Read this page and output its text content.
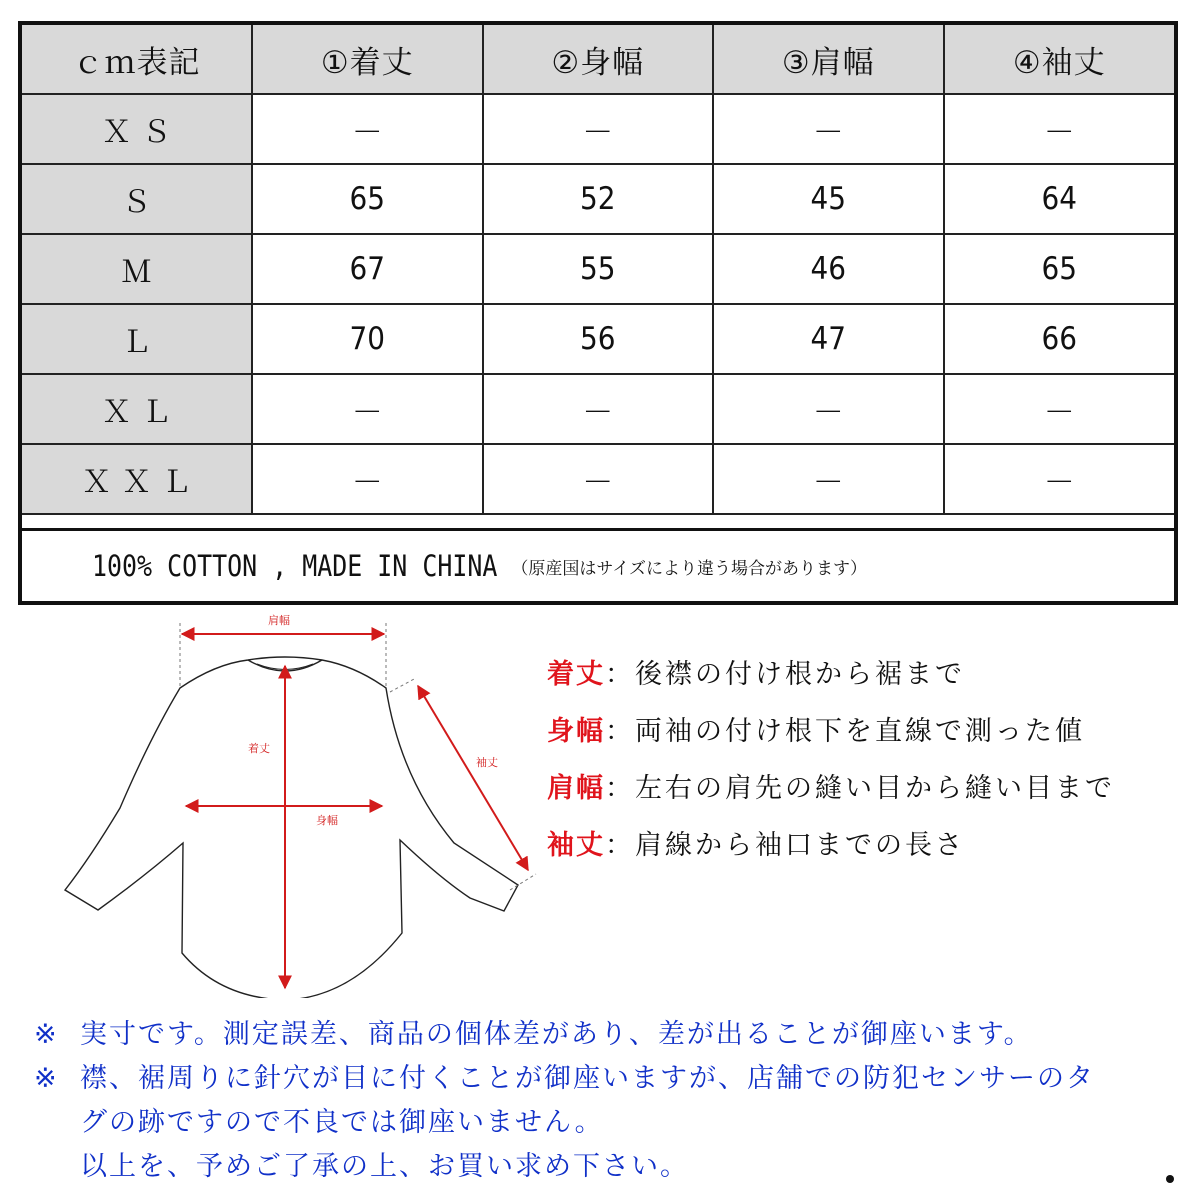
ｃｍ表記	①着丈	②身幅	③肩幅	④袖丈
ＸＳ	－	－	－	－
Ｓ	65	52	45	64
Ｍ	67	55	46	65
Ｌ	70	56	47	66
ＸＬ	－	－	－	－
ＸＸＬ	－	－	－	－
100% COTTON , MADE IN CHINA （原産国はサイズにより違う場合があります）
肩幅
着丈
身幅
袖丈
着丈 ：後襟の付け根から裾まで
身幅 ：両袖の付け根下を直線で測った値
肩幅 ：左右の肩先の縫い目から縫い目まで
袖丈 ：肩線から袖口までの長さ
※ 実寸です。測定誤差、商品の個体差があり、差が出ることが御座います。
※ 襟、裾周りに針穴が目に付くことが御座いますが、店舗での防犯センサーのタ
グの跡ですので不良では御座いません。
以上を、予めご了承の上、お買い求め下さい。
